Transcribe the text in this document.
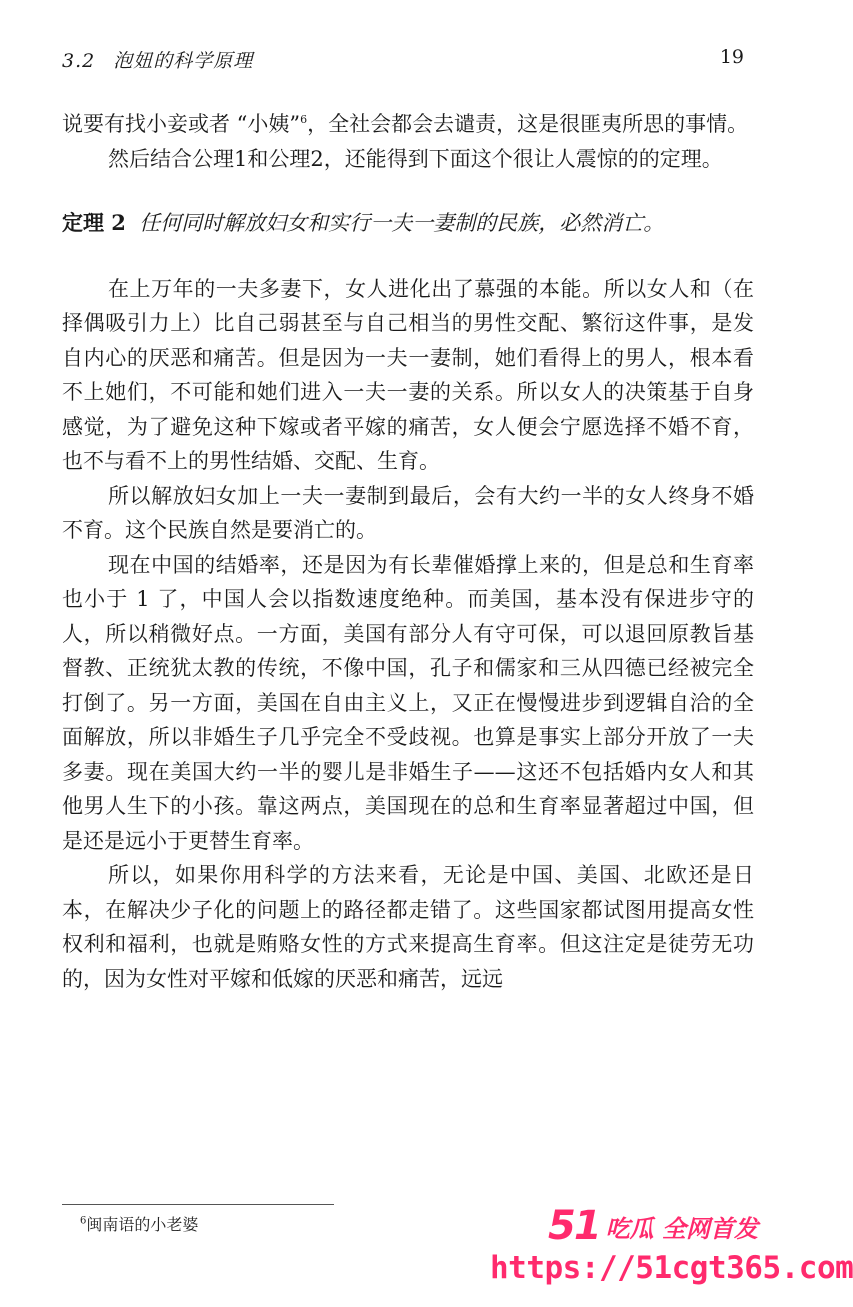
3.2 泡妞的科学原理	19

说要有找小妾或者 “小姨”$^6$，全社会都会去谴责，这是很匪夷所思的事情。

然后结合公理1和公理2，还能得到下面这个很让人震惊的的定理。

定理 2 任何同时解放妇女和实行一夫一妻制的民族，必然消亡。

在上万年的一夫多妻下，女人进化出了慕强的本能。所以女人和（在择偶吸引力上）比自己弱甚至与自己相当的男性交配、繁衍这件事，是发自内心的厌恶和痛苦。但是因为一夫一妻制，她们看得上的男人，根本看不上她们，不可能和她们进入一夫一妻的关系。所以女人的决策基于自身感觉，为了避免这种下嫁或者平嫁的痛苦，女人便会宁愿选择不婚不育，也不与看不上的男性结婚、交配、生育。

所以解放妇女加上一夫一妻制到最后，会有大约一半的女人终身不婚不育。这个民族自然是要消亡的。

现在中国的结婚率，还是因为有长辈催婚撑上来的，但是总和生育率也小于 1 了，中国人会以指数速度绝种。而美国，基本没有保进步守的人，所以稍微好点。一方面，美国有部分人有守可保，可以退回原教旨基督教、正统犹太教的传统，不像中国，孔子和儒家和三从四德已经被完全打倒了。另一方面，美国在自由主义上，又正在慢慢进步到逻辑自洽的全面解放，所以非婚生子几乎完全不受歧视。也算是事实上部分开放了一夫多妻。现在美国大约一半的婴儿是非婚生子——这还不包括婚内女人和其他男人生下的小孩。靠这两点，美国现在的总和生育率显著超过中国，但是还是远小于更替生育率。

所以，如果你用科学的方法来看，无论是中国、美国、北欧还是日本，在解决少子化的问题上的路径都走错了。这些国家都试图用提高女性权利和福利，也就是贿赂女性的方式来提高生育率。但这注定是徒劳无功的，因为女性对平嫁和低嫁的厌恶和痛苦，远远

$^6$闽南语的小老婆	51 吃瓜 全网首发
https://51cgt365.com
